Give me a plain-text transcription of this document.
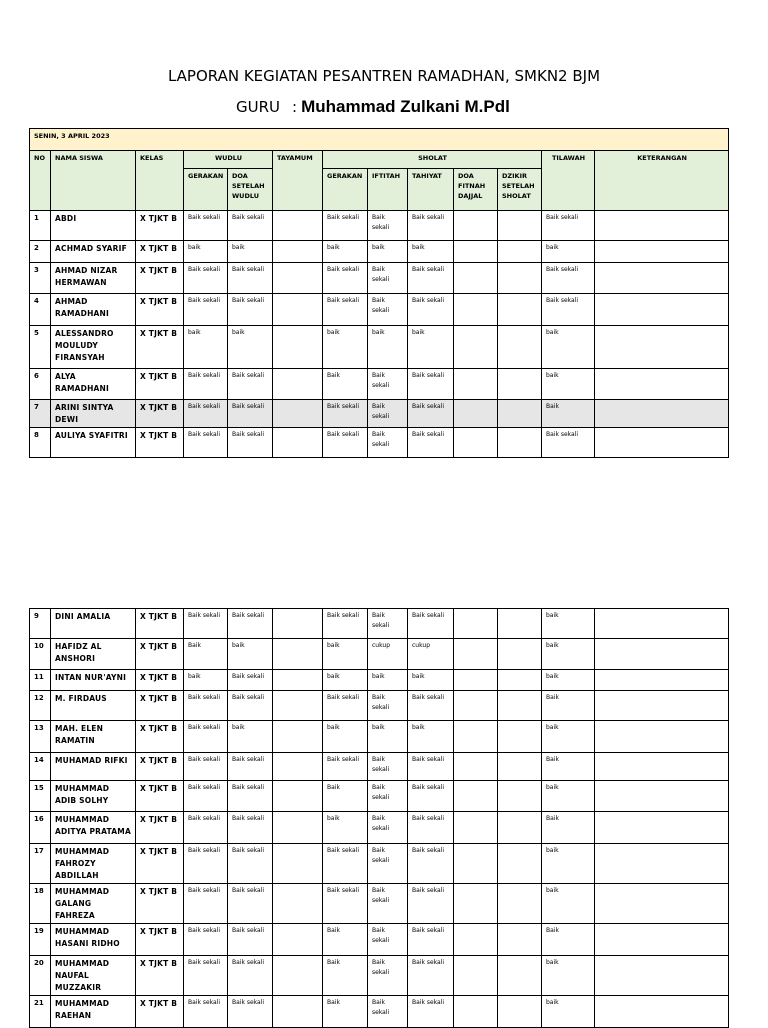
LAPORAN KEGIATAN PESANTREN RAMADHAN, SMKN2 BJM
GURU : Muhammad Zulkani M.Pdl
SENIN, 3 APRIL 2023												
NO	NAMA SISWA	KELAS	WUDLU		TAYAMUM	SHOLAT					TILAWAH	KETERANGAN
			GERAKAN	DOA SETELAH WUDLU		GERAKAN	IFTITAH	TAHIYAT	DOA FITNAH DAJJAL	DZIKIR SETELAH SHOLAT		
1	ABDI	X TJKT B	Baik sekali	Baik sekali		Baik sekali	Baik sekali	Baik sekali			Baik sekali	
2	ACHMAD SYARIF	X TJKT B	baik	baik		baik	baik	baik			baik	
3	AHMAD NIZAR HERMAWAN	X TJKT B	Baik sekali	Baik sekali		Baik sekali	Baik sekali	Baik sekali			Baik sekali	
4	AHMAD RAMADHANI	X TJKT B	Baik sekali	Baik sekali		Baik sekali	Baik sekali	Baik sekali			Baik sekali	
5	ALESSANDRO MOULUDY FIRANSYAH	X TJKT B	baik	baik		baik	baik	baik			baik	
6	ALYA RAMADHANI	X TJKT B	Baik sekali	Baik sekali		Baik	Baik sekali	Baik sekali			baik	
7	ARINI SINTYA DEWI	X TJKT B	Baik sekali	Baik sekali		Baik sekali	Baik sekali	Baik sekali			Baik	
8	AULIYA SYAFITRI	X TJKT B	Baik sekali	Baik sekali		Baik sekali	Baik sekali	Baik sekali			Baik sekali	
9	DINI AMALIA	X TJKT B	Baik sekali	Baik sekali		Baik sekali	Baik sekali	Baik sekali			baik	
10	HAFIDZ AL ANSHORI	X TJKT B	Baik	baik		baik	cukup	cukup			baik	
11	INTAN NUR'AYNI	X TJKT B	baik	Baik sekali		baik	baik	baik			baik	
12	M. FIRDAUS	X TJKT B	Baik sekali	Baik sekali		Baik sekali	Baik sekali	Baik sekali			Baik	
13	MAH. ELEN RAMATIN	X TJKT B	Baik sekali	baik		baik	baik	baik			baik	
14	MUHAMAD RIFKI	X TJKT B	Baik sekali	Baik sekali		Baik sekali	Baik sekali	Baik sekali			Baik	
15	MUHAMMAD ADIB SOLHY	X TJKT B	Baik sekali	Baik sekali		Baik	Baik sekali	Baik sekali			baik	
16	MUHAMMAD ADITYA PRATAMA	X TJKT B	Baik sekali	Baik sekali		baik	Baik sekali	Baik sekali			Baik	
17	MUHAMMAD FAHROZY ABDILLAH	X TJKT B	Baik sekali	Baik sekali		Baik sekali	Baik sekali	Baik sekali			baik	
18	MUHAMMAD GALANG FAHREZA	X TJKT B	Baik sekali	Baik sekali		Baik sekali	Baik sekali	Baik sekali			baik	
19	MUHAMMAD HASANI RIDHO	X TJKT B	Baik sekali	Baik sekali		Baik	Baik sekali	Baik sekali			Baik	
20	MUHAMMAD NAUFAL MUZZAKIR	X TJKT B	Baik sekali	Baik sekali		Baik	Baik sekali	Baik sekali			baik	
21	MUHAMMAD RAEHAN	X TJKT B	Baik sekali	Baik sekali		Baik	Baik sekali	Baik sekali			baik	
